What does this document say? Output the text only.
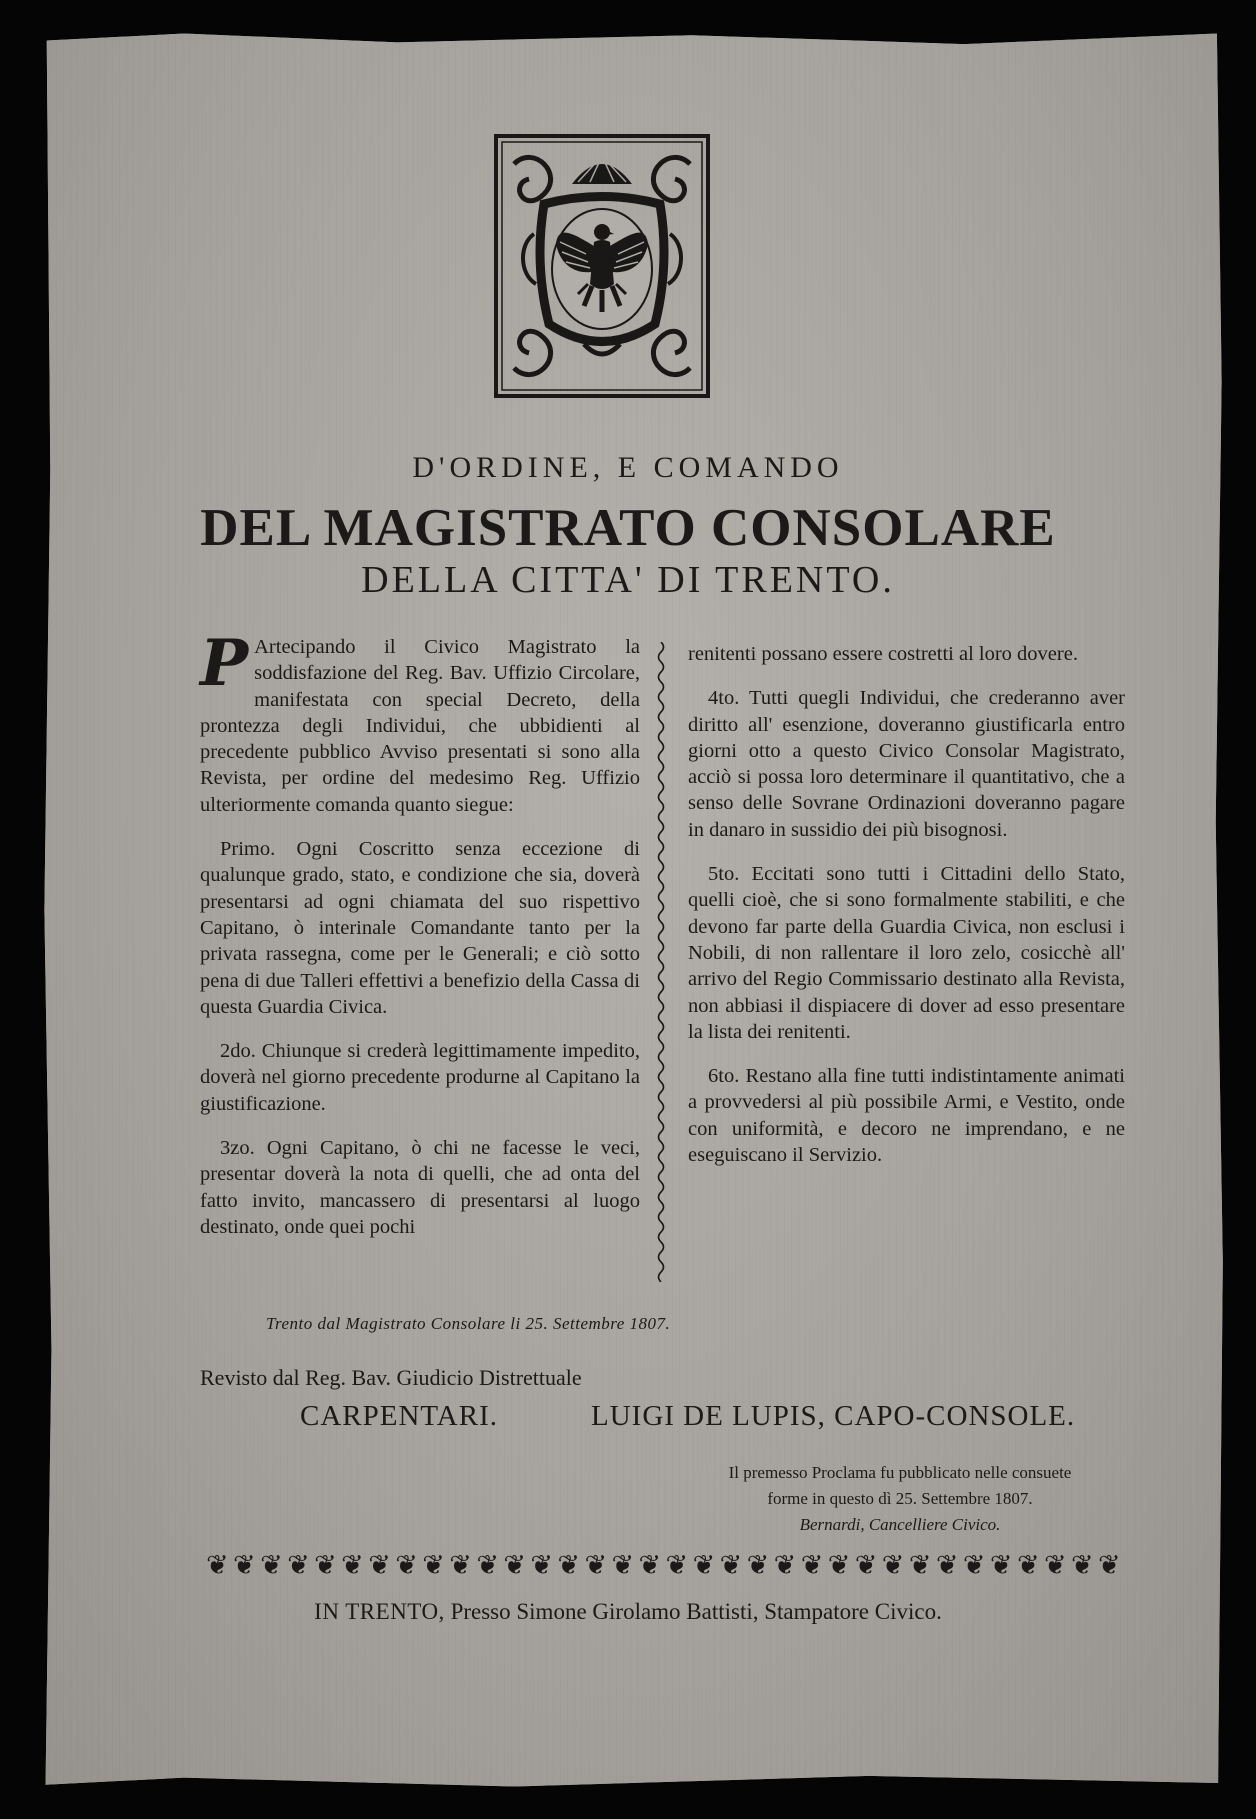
D'ORDINE, E COMANDO
DEL MAGISTRATO CONSOLARE
DELLA CITTA' DI TRENTO.

P Artecipando il Civico Magistrato la soddisfazione del Reg. Bav. Uffizio Circolare, manifestata con special Decreto, della prontezza degli Individui, che ubbidienti al precedente pubblico Avviso presentati si sono alla Revista, per ordine del medesimo Reg. Uffizio ulteriormente comanda quanto siegue:

Primo. Ogni Coscritto senza eccezione di qualunque grado, stato, e condizione che sia, doverà presentarsi ad ogni chiamata del suo rispettivo Capitano, ò interinale Comandante tanto per la privata rassegna, come per le Generali; e ciò sotto pena di due Talleri effettivi a benefizio della Cassa di questa Guardia Civica.

2do. Chiunque si crederà legittimamente impedito, doverà nel giorno precedente produrne al Capitano la giustificazione.

3zo. Ogni Capitano, ò chi ne facesse le veci, presentar doverà la nota di quelli, che ad onta del fatto invito, mancassero di presentarsi al luogo destinato, onde quei pochi

renitenti possano essere costretti al loro dovere.

4to. Tutti quegli Individui, che crederanno aver diritto all' esenzione, doveranno giustificarla entro giorni otto a questo Civico Consolar Magistrato, acciò si possa loro determinare il quantitativo, che a senso delle Sovrane Ordinazioni doveranno pagare in danaro in sussidio dei più bisognosi.

5to. Eccitati sono tutti i Cittadini dello Stato, quelli cioè, che si sono formalmente stabiliti, e che devono far parte della Guardia Civica, non esclusi i Nobili, di non rallentare il loro zelo, cosicchè all' arrivo del Regio Commissario destinato alla Revista, non abbiasi il dispiacere di dover ad esso presentare la lista dei renitenti.

6to. Restano alla fine tutti indistintamente animati a provvedersi al più possibile Armi, e Vestito, onde con uniformità, e decoro ne imprendano, e ne eseguiscano il Servizio.

Trento dal Magistrato Consolare li 25. Settembre 1807.
Revisto dal Reg. Bav. Giudicio Distrettuale
CARPENTARI.	LUIGI DE LUPIS, CAPO-CONSOLE.
Il premesso Proclama fu pubblicato nelle consuete
forme in questo dì 25. Settembre 1807.
Bernardi, Cancelliere Civico.
❦ ❦ ❦ ❦ ❦ ❦ ❦ ❦ ❦ ❦ ❦ ❦ ❦ ❦ ❦ ❦ ❦ ❦ ❦ ❦ ❦ ❦ ❦ ❦ ❦ ❦ ❦ ❦ ❦ ❦ ❦ ❦ ❦ ❦
IN TRENTO, Presso Simone Girolamo Battisti, Stampatore Civico.
